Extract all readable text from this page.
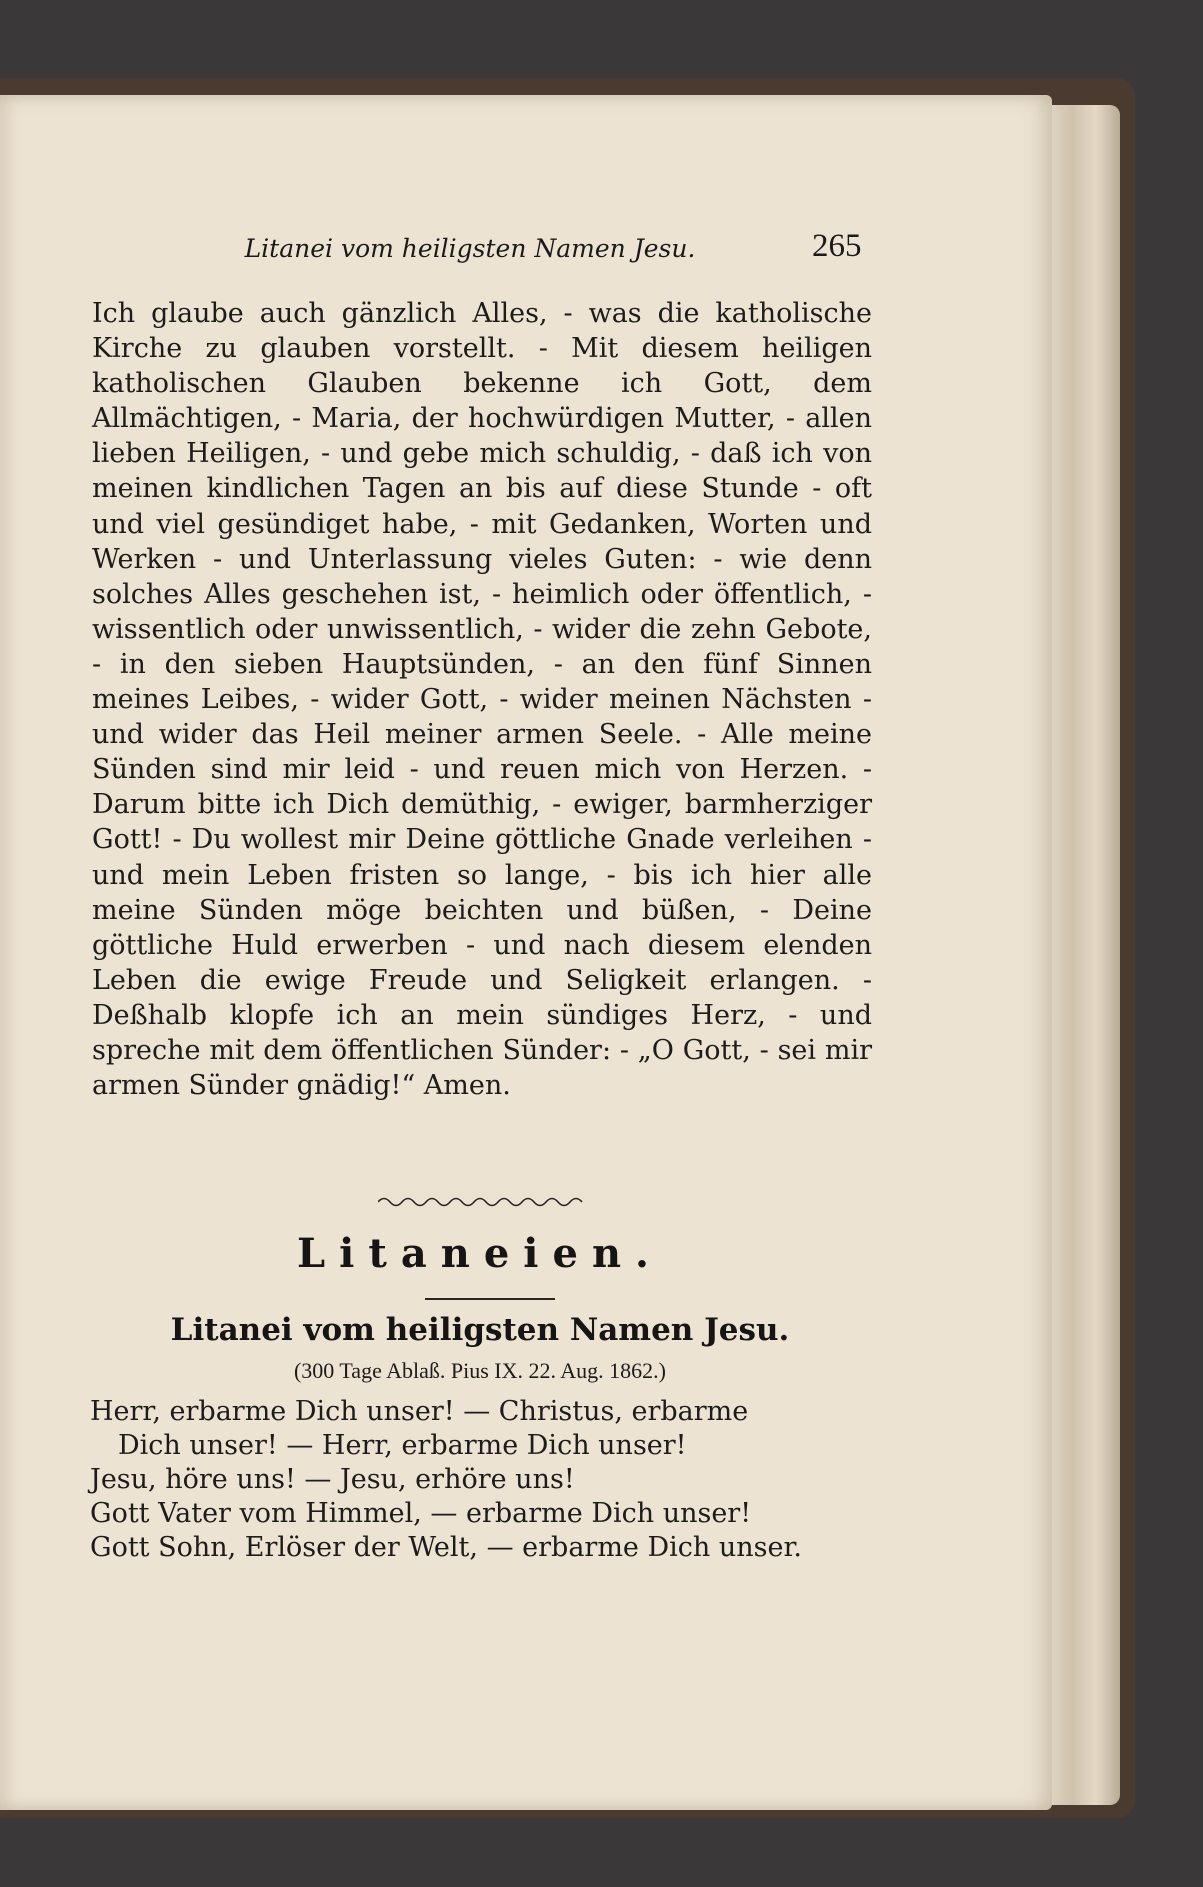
Litanei vom heiligsten Namen Jesu.	265

Ich glaube auch gänzlich Alles, - was die katholische Kirche zu glauben vorstellt. - Mit diesem heiligen katholischen Glauben bekenne ich Gott, dem Allmächtigen, - Maria, der hochwürdigen Mutter, - allen lieben Heiligen, - und gebe mich schuldig, - daß ich von meinen kindlichen Tagen an bis auf diese Stunde - oft und viel gesündiget habe, - mit Gedanken, Worten und Werken - und Unterlassung vieles Guten: - wie denn solches Alles geschehen ist, - heimlich oder öffentlich, - wissentlich oder unwissentlich, - wider die zehn Gebote, - in den sieben Hauptsünden, - an den fünf Sinnen meines Leibes, - wider Gott, - wider meinen Nächsten - und wider das Heil meiner armen Seele. - Alle meine Sünden sind mir leid - und reuen mich von Herzen. - Darum bitte ich Dich demüthig, - ewiger, barmherziger Gott! - Du wollest mir Deine göttliche Gnade verleihen - und mein Leben fristen so lange, - bis ich hier alle meine Sünden möge beichten und büßen, - Deine göttliche Huld erwerben - und nach diesem elenden Leben die ewige Freude und Seligkeit erlangen. - Deßhalb klopfe ich an mein sündiges Herz, - und spreche mit dem öffentlichen Sünder: - „O Gott, - sei mir armen Sünder gnädig!“ Amen.

Litaneien.
Litanei vom heiligsten Namen Jesu.
(300 Tage Ablaß. Pius IX. 22. Aug. 1862.)
Herr, erbarme Dich unser! — Christus, erbarme
Dich unser! — Herr, erbarme Dich unser!
Jesu, höre uns! — Jesu, erhöre uns!
Gott Vater vom Himmel, — erbarme Dich unser!
Gott Sohn, Erlöser der Welt, — erbarme Dich unser.
